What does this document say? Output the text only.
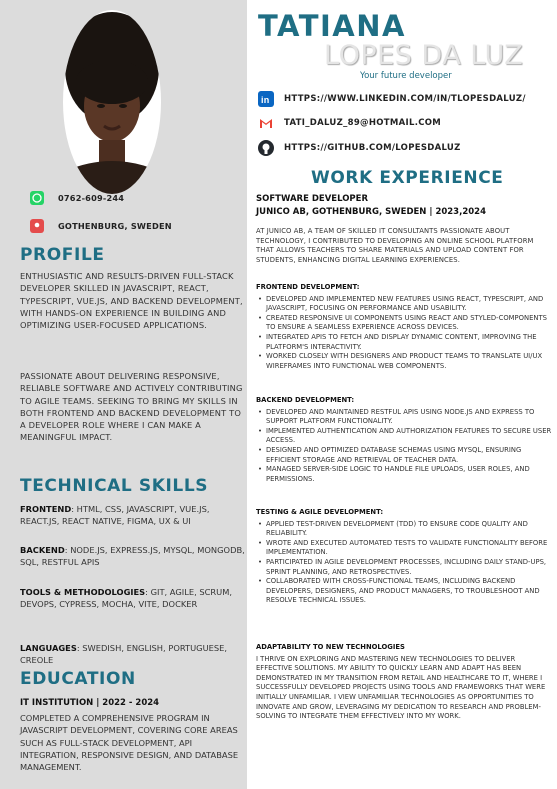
0762-609-244
GOTHENBURG, SWEDEN
PROFILE
ENTHUSIASTIC AND RESULTS-DRIVEN FULL-STACK DEVELOPER SKILLED IN JAVASCRIPT, REACT, TYPESCRIPT, VUE.JS, AND BACKEND DEVELOPMENT, WITH HANDS-ON EXPERIENCE IN BUILDING AND OPTIMIZING USER-FOCUSED APPLICATIONS.
PASSIONATE ABOUT DELIVERING RESPONSIVE, RELIABLE SOFTWARE AND ACTIVELY CONTRIBUTING TO AGILE TEAMS. SEEKING TO BRING MY SKILLS IN BOTH FRONTEND AND BACKEND DEVELOPMENT TO A DEVELOPER ROLE WHERE I CAN MAKE A MEANINGFUL IMPACT.
TECHNICAL SKILLS
FRONTEND: HTML, CSS, JAVASCRIPT, VUE.JS, REACT.JS, REACT NATIVE, FIGMA, UX & UI
BACKEND: NODE.JS, EXPRESS.JS, MYSQL, MONGODB, SQL, RESTFUL APIS
TOOLS & METHODOLOGIES: GIT, AGILE, SCRUM, DEVOPS, CYPRESS, MOCHA, VITE, DOCKER
LANGUAGES: SWEDISH, ENGLISH, PORTUGUESE, CREOLE
EDUCATION
IT INSTITUTION | 2022 - 2024
COMPLETED A COMPREHENSIVE PROGRAM IN JAVASCRIPT DEVELOPMENT, COVERING CORE AREAS SUCH AS FULL-STACK DEVELOPMENT, API INTEGRATION, RESPONSIVE DESIGN, AND DATABASE MANAGEMENT.
TATIANA
LOPES DA LUZ
Your future developer
in HTTPS://WWW.LINKEDIN.COM/IN/TLOPESDALUZ/
TATI_DALUZ_89@HOTMAIL.COM
HTTPS://GITHUB.COM/LOPESDALUZ
WORK EXPERIENCE
SOFTWARE DEVELOPER
JUNICO AB, GOTHENBURG, SWEDEN | 2023,2024
AT JUNICO AB, A TEAM OF SKILLED IT CONSULTANTS PASSIONATE ABOUT TECHNOLOGY, I CONTRIBUTED TO DEVELOPING AN ONLINE SCHOOL PLATFORM THAT ALLOWS TEACHERS TO SHARE MATERIALS AND UPLOAD CONTENT FOR STUDENTS, ENHANCING DIGITAL LEARNING EXPERIENCES.
FRONTEND DEVELOPMENT:
• DEVELOPED AND IMPLEMENTED NEW FEATURES USING REACT, TYPESCRIPT, AND JAVASCRIPT, FOCUSING ON PERFORMANCE AND USABILITY.
• CREATED RESPONSIVE UI COMPONENTS USING REACT AND STYLED-COMPONENTS TO ENSURE A SEAMLESS EXPERIENCE ACROSS DEVICES.
• INTEGRATED APIS TO FETCH AND DISPLAY DYNAMIC CONTENT, IMPROVING THE PLATFORM'S INTERACTIVITY.
• WORKED CLOSELY WITH DESIGNERS AND PRODUCT TEAMS TO TRANSLATE UI/UX WIREFRAMES INTO FUNCTIONAL WEB COMPONENTS.
BACKEND DEVELOPMENT:
• DEVELOPED AND MAINTAINED RESTFUL APIS USING NODE.JS AND EXPRESS TO SUPPORT PLATFORM FUNCTIONALITY.
• IMPLEMENTED AUTHENTICATION AND AUTHORIZATION FEATURES TO SECURE USER ACCESS.
• DESIGNED AND OPTIMIZED DATABASE SCHEMAS USING MYSQL, ENSURING EFFICIENT STORAGE AND RETRIEVAL OF TEACHER DATA.
• MANAGED SERVER-SIDE LOGIC TO HANDLE FILE UPLOADS, USER ROLES, AND PERMISSIONS.
TESTING & AGILE DEVELOPMENT:
• APPLIED TEST-DRIVEN DEVELOPMENT (TDD) TO ENSURE CODE QUALITY AND RELIABILITY.
• WROTE AND EXECUTED AUTOMATED TESTS TO VALIDATE FUNCTIONALITY BEFORE IMPLEMENTATION.
• PARTICIPATED IN AGILE DEVELOPMENT PROCESSES, INCLUDING DAILY STAND-UPS, SPRINT PLANNING, AND RETROSPECTIVES.
• COLLABORATED WITH CROSS-FUNCTIONAL TEAMS, INCLUDING BACKEND DEVELOPERS, DESIGNERS, AND PRODUCT MANAGERS, TO TROUBLESHOOT AND RESOLVE TECHNICAL ISSUES.
ADAPTABILITY TO NEW TECHNOLOGIES
I THRIVE ON EXPLORING AND MASTERING NEW TECHNOLOGIES TO DELIVER EFFECTIVE SOLUTIONS. MY ABILITY TO QUICKLY LEARN AND ADAPT HAS BEEN DEMONSTRATED IN MY TRANSITION FROM RETAIL AND HEALTHCARE TO IT, WHERE I SUCCESSFULLY DEVELOPED PROJECTS USING TOOLS AND FRAMEWORKS THAT WERE INITIALLY UNFAMILIAR. I VIEW UNFAMILIAR TECHNOLOGIES AS OPPORTUNITIES TO INNOVATE AND GROW, LEVERAGING MY DEDICATION TO RESEARCH AND PROBLEM-SOLVING TO INTEGRATE THEM EFFECTIVELY INTO MY WORK.
